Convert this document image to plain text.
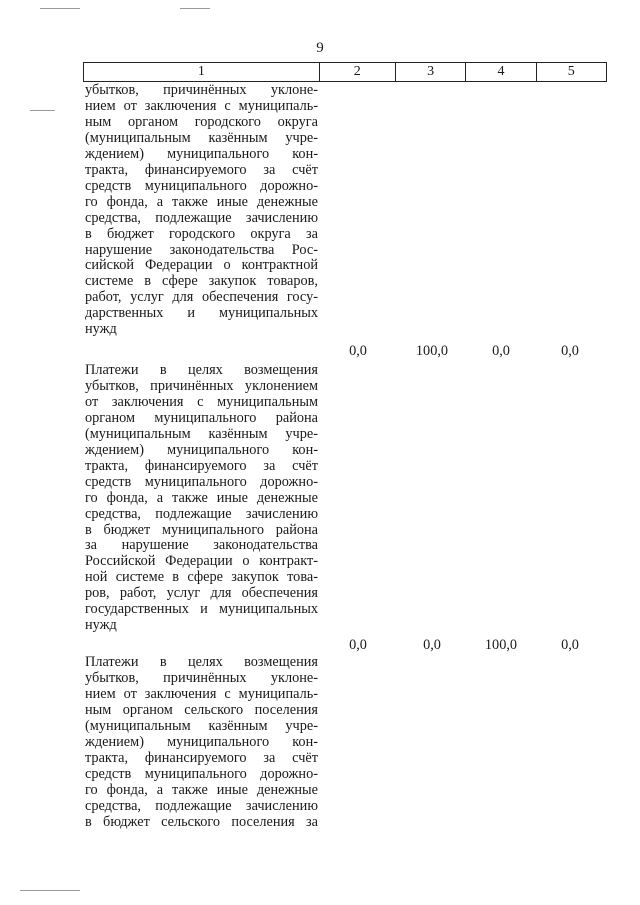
9
1	2	3	4	5
убытков, причинённых уклоне-
нием от заключения с муниципаль-
ным органом городского округа
(муниципальным казённым учре-
ждением) муниципального кон-
тракта, финансируемого за счёт
средств муниципального дорожно-
го фонда, а также иные денежные
средства, подлежащие зачислению
в бюджет городского округа за
нарушение законодательства Рос-
сийской Федерации о контрактной
системе в сфере закупок товаров,
работ, услуг для обеспечения госу-
дарственных и муниципальных
нужд
0,0	100,0	0,0	0,0
Платежи в целях возмещения
убытков, причинённых уклонением
от заключения с муниципальным
органом муниципального района
(муниципальным казённым учре-
ждением) муниципального кон-
тракта, финансируемого за счёт
средств муниципального дорожно-
го фонда, а также иные денежные
средства, подлежащие зачислению
в бюджет муниципального района
за нарушение законодательства
Российской Федерации о контракт-
ной системе в сфере закупок това-
ров, работ, услуг для обеспечения
государственных и муниципальных
нужд
0,0	0,0	100,0	0,0
Платежи в целях возмещения
убытков, причинённых уклоне-
нием от заключения с муниципаль-
ным органом сельского поселения
(муниципальным казённым учре-
ждением) муниципального кон-
тракта, финансируемого за счёт
средств муниципального дорожно-
го фонда, а также иные денежные
средства, подлежащие зачислению
в бюджет сельского поселения за
